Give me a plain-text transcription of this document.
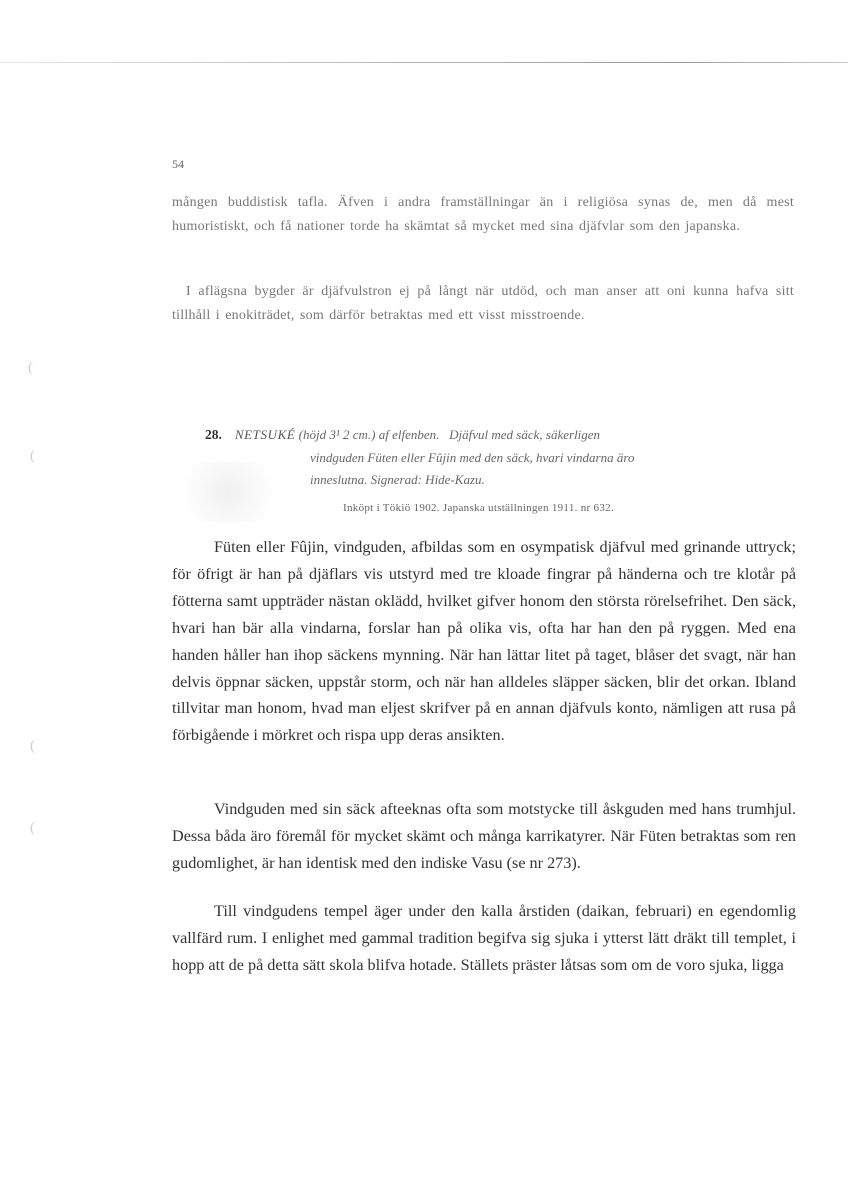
54

mången buddistisk tafla. Äfven i andra framställningar än i religiösa synas de, men då mest humoristiskt, och få nationer torde ha skämtat så mycket med sina djäfvlar som den japanska.

I aflägsna bygder är djäfvulstron ej på långt när utdöd, och man anser att oni kunna hafva sitt tillhåll i enokiträdet, som därför betraktas med ett visst misstroende.

28. NETSUKÉ (höjd 3¹ 2 cm.) af elfenben. Djäfvul med säck, säkerligen
vindguden Füten eller Fûjin med den säck, hvari vindarna äro
inneslutna. Signerad: Hide-Kazu.
Inköpt i Tökiö 1902. Japanska utställningen 1911. nr 632.

Füten eller Fûjin, vindguden, afbildas som en osympatisk djäfvul med grinande uttryck; för öfrigt är han på djäflars vis utstyrd med tre kloade fingrar på händerna och tre klotår på fötterna samt uppträder nästan oklädd, hvilket gifver honom den största rörelsefrihet. Den säck, hvari han bär alla vindarna, forslar han på olika vis, ofta har han den på ryggen. Med ena handen håller han ihop säckens mynning. När han lättar litet på taget, blåser det svagt, när han delvis öppnar säcken, uppstår storm, och när han alldeles släpper säcken, blir det orkan. Ibland tillvitar man honom, hvad man eljest skrifver på en annan djäfvuls konto, nämligen att rusa på förbigående i mörkret och rispa upp deras ansikten.

Vindguden med sin säck afteeknas ofta som motstycke till åskguden med hans trumhjul. Dessa båda äro föremål för mycket skämt och många karrikatyrer. När Füten betraktas som ren gudomlighet, är han identisk med den indiske Vasu (se nr 273).

Till vindgudens tempel äger under den kalla årstiden (daikan, februari) en egendomlig vallfärd rum. I enlighet med gammal tradition begifva sig sjuka i ytterst lätt dräkt till templet, i hopp att de på detta sätt skola blifva hotade. Ställets präster låtsas som om de voro sjuka, ligga

(
(
(
(
